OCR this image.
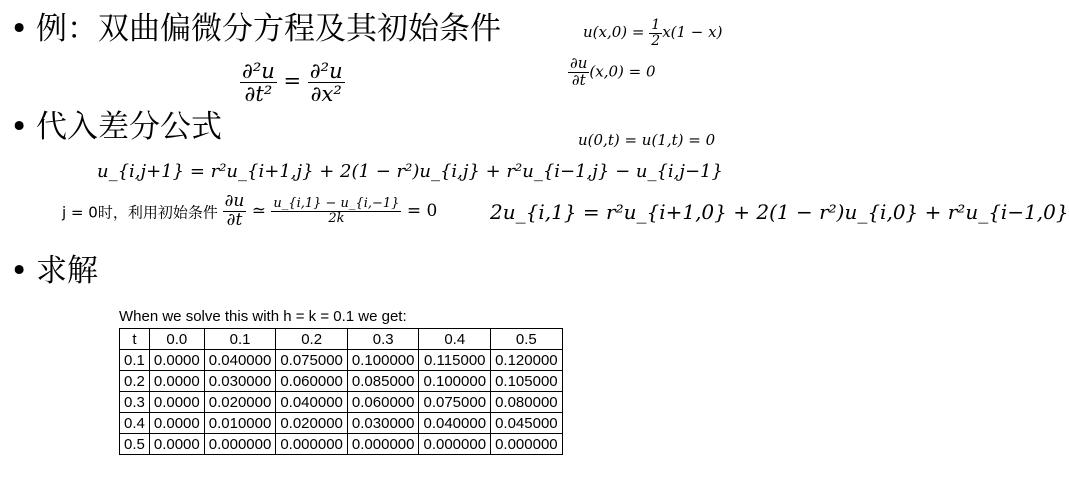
• 例：双曲偏微分方程及其初始条件
• 代入差分公式
• 求解
$u(x,0) = \frac{1}{2} x(1 - x)$
$\frac{\partial u}{\partial t} (x,0) = 0$
u(0,t) = u(1,t) = 0
$\frac{\text{∂²u}}{\text{∂t²}} = \frac{\text{∂²u}}{\text{∂x²}}$
u_{i,j+1} = r²u_{i+1,j} + 2(1 − r²)u_{i,j} + r²u_{i−1,j} − u_{i,j−1}
j = 0时，利用初始条件 $\frac{\partial u}{\partial t}$ ≃ $\frac{u\_\{i,1\} - u\_\{i,-1\}}{2k} = 0$	2u_{i,1} = r²u_{i+1,0} + 2(1 − r²)u_{i,0} + r²u_{i−1,0}
When we solve this with h = k = 0.1 we get:
t	0.0	0.1	0.2	0.3	0.4	0.5
0.1	0.0000	0.040000	0.075000	0.100000	0.115000	0.120000
0.2	0.0000	0.030000	0.060000	0.085000	0.100000	0.105000
0.3	0.0000	0.020000	0.040000	0.060000	0.075000	0.080000
0.4	0.0000	0.010000	0.020000	0.030000	0.040000	0.045000
0.5	0.0000	0.000000	0.000000	0.000000	0.000000	0.000000
